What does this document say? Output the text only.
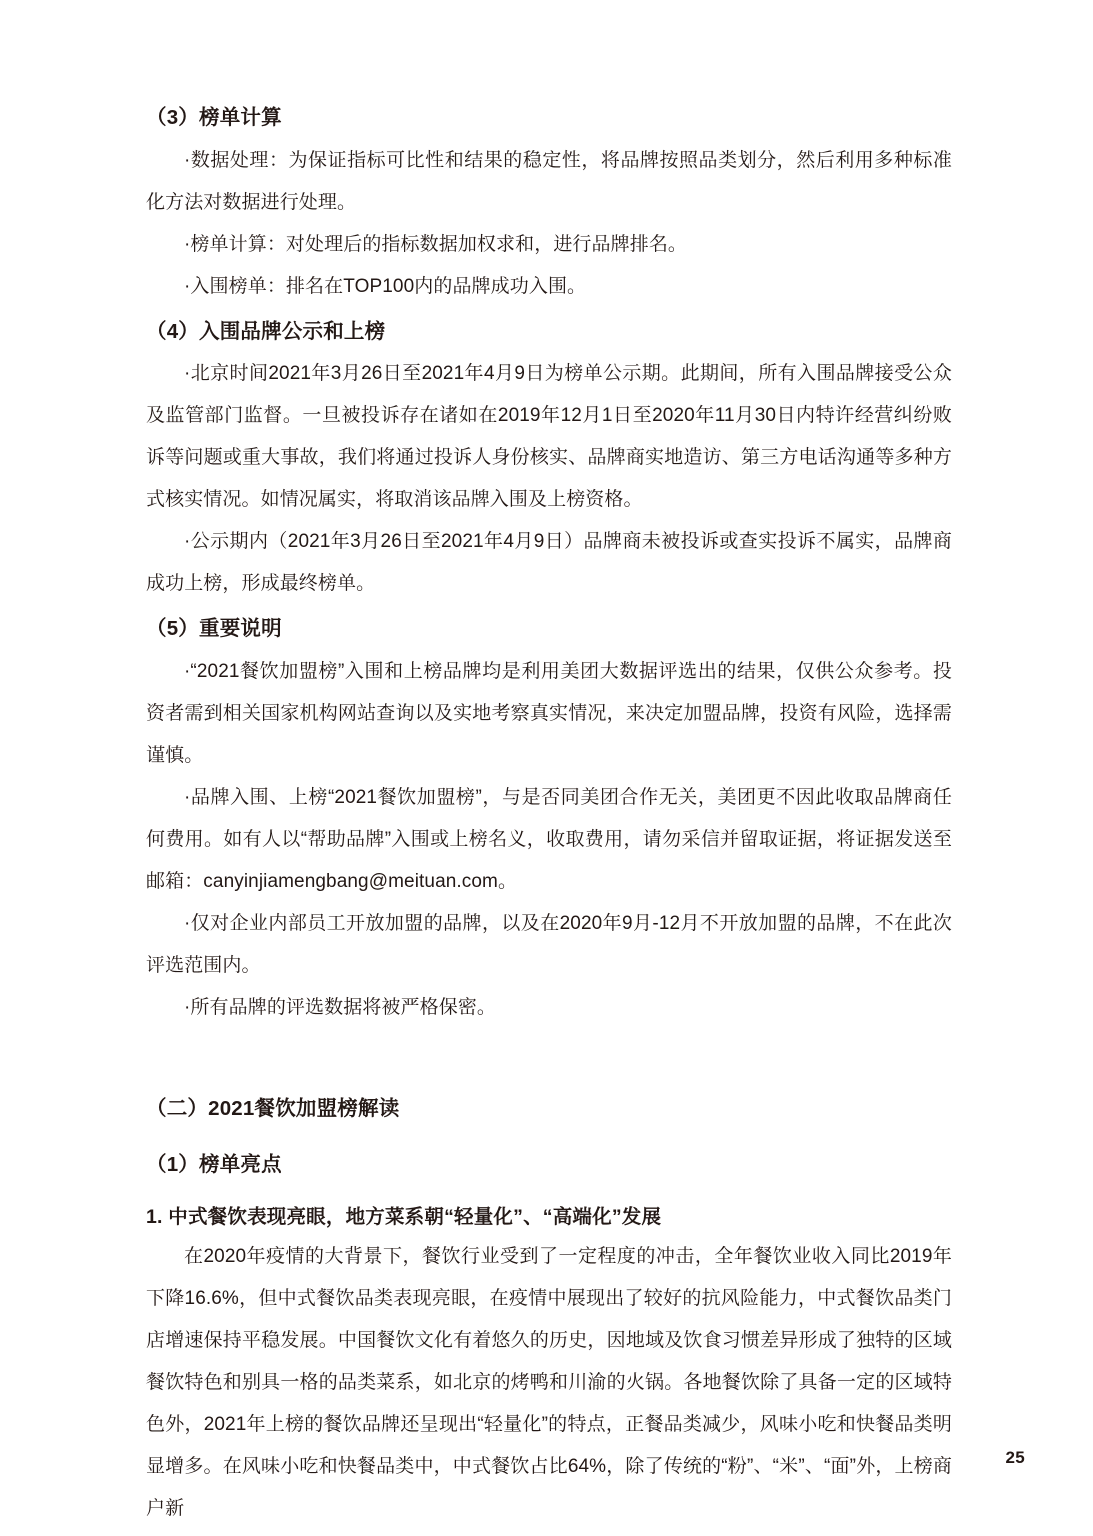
（3）榜单计算

·数据处理：为保证指标可比性和结果的稳定性，将品牌按照品类划分，然后利用多种标准化方法对数据进行处理。

·榜单计算：对处理后的指标数据加权求和，进行品牌排名。

·入围榜单：排名在TOP100内的品牌成功入围。

（4）入围品牌公示和上榜

·北京时间2021年3月26日至2021年4月9日为榜单公示期。此期间，所有入围品牌接受公众及监管部门监督。一旦被投诉存在诸如在2019年12月1日至2020年11月30日内特许经营纠纷败诉等问题或重大事故，我们将通过投诉人身份核实、品牌商实地造访、第三方电话沟通等多种方式核实情况。如情况属实，将取消该品牌入围及上榜资格。

·公示期内（2021年3月26日至2021年4月9日）品牌商未被投诉或查实投诉不属实，品牌商成功上榜，形成最终榜单。

（5）重要说明

·“2021餐饮加盟榜”入围和上榜品牌均是利用美团大数据评选出的结果，仅供公众参考。投资者需到相关国家机构网站查询以及实地考察真实情况，来决定加盟品牌，投资有风险，选择需谨慎。

·品牌入围、上榜“2021餐饮加盟榜”，与是否同美团合作无关，美团更不因此收取品牌商任何费用。如有人以“帮助品牌”入围或上榜名义，收取费用，请勿采信并留取证据，将证据发送至邮箱：canyinjiamengbang@meituan.com。

·仅对企业内部员工开放加盟的品牌，以及在2020年9月-12月不开放加盟的品牌，不在此次评选范围内。

·所有品牌的评选数据将被严格保密。

（二）2021餐饮加盟榜解读
（1）榜单亮点
1. 中式餐饮表现亮眼，地方菜系朝“轻量化”、“高端化”发展

在2020年疫情的大背景下，餐饮行业受到了一定程度的冲击，全年餐饮业收入同比2019年下降16.6%，但中式餐饮品类表现亮眼，在疫情中展现出了较好的抗风险能力，中式餐饮品类门店增速保持平稳发展。中国餐饮文化有着悠久的历史，因地域及饮食习惯差异形成了独特的区域餐饮特色和别具一格的品类菜系，如北京的烤鸭和川渝的火锅。各地餐饮除了具备一定的区域特色外，2021年上榜的餐饮品牌还呈现出“轻量化”的特点，正餐品类减少，风味小吃和快餐品类明显增多。在风味小吃和快餐品类中，中式餐饮占比64%，除了传统的“粉”、“米”、“面”外，上榜商户新

25
